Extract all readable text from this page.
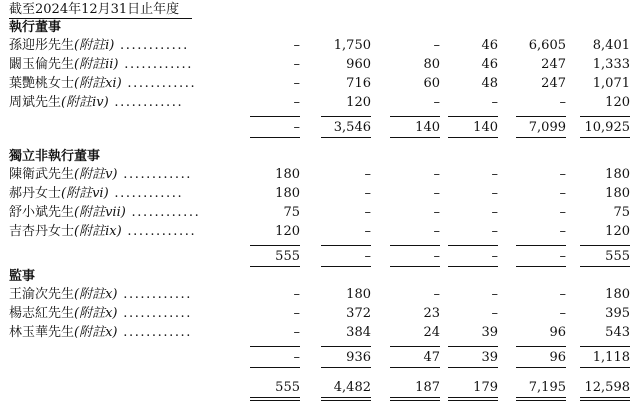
截至2024年12月31日止年度
執行董事
孫迎彤先生(附註i) ............	–	1,750	–	46	6,605	8,401
闞玉倫先生(附註ii) ............	–	960	80	46	247	1,333
葉艷桃女士(附註xi) ............	–	716	60	48	247	1,071
周斌先生(附註iv) ............	–	120	–	–	–	120
–	3,546	140	140	7,099	10,925
獨立非執行董事
陳衛武先生(附註v) ............	180	–	–	–	–	180
郝丹女士(附註vi) ............	180	–	–	–	–	180
舒小斌先生(附註vii) ............	75	–	–	–	–	75
吉杏丹女士(附註ix) ............	120	–	–	–	–	120
555	–	–	–	–	555
監事
王渝次先生(附註x) ............	–	180	–	–	–	180
楊志紅先生(附註x) ............	–	372	23	–	–	395
林玉華先生(附註x) ............	–	384	24	39	96	543
–	936	47	39	96	1,118
555	4,482	187	179	7,195	12,598
